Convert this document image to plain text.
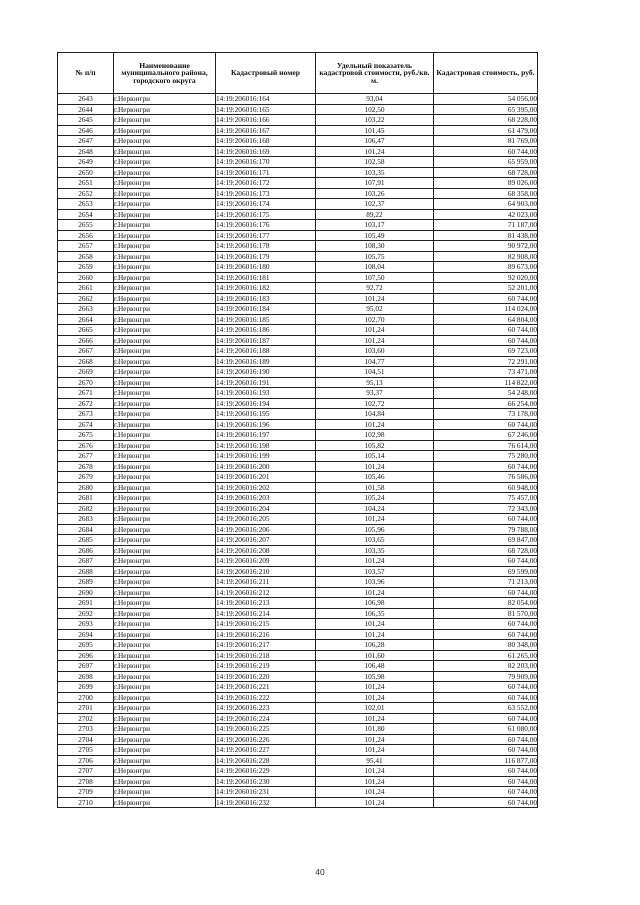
№ п/п	Наименование муниципального района, городского округа	Кадастровый номер	Удельный показатель кадастровой стоимости, руб./кв. м.	Кадастровая стоимость, руб.
2643	г.Нерюнгри	14:19:206016:164	93,04	54 056,00
2644	г.Нерюнгри	14:19:206016:165	102,50	65 395,00
2645	г.Нерюнгри	14:19:206016:166	103,22	68 228,00
2646	г.Нерюнгри	14:19:206016:167	101,45	61 479,00
2647	г.Нерюнгри	14:19:206016:168	106,47	81 769,00
2648	г.Нерюнгри	14:19:206016:169	101,24	60 744,00
2649	г.Нерюнгри	14:19:206016:170	102,58	65 959,00
2650	г.Нерюнгри	14:19:206016:171	103,35	68 728,00
2651	г.Нерюнгри	14:19:206016:172	107,91	89 026,00
2652	г.Нерюнгри	14:19:206016:173	103,26	68 358,00
2653	г.Нерюнгри	14:19:206016:174	102,37	64 903,00
2654	г.Нерюнгри	14:19:206016:175	89,22	42 023,00
2655	г.Нерюнгри	14:19:206016:176	103,17	71 187,00
2656	г.Нерюнгри	14:19:206016:177	105,49	81 438,00
2657	г.Нерюнгри	14:19:206016:178	108,30	90 972,00
2658	г.Нерюнгри	14:19:206016:179	105,75	82 908,00
2659	г.Нерюнгри	14:19:206016:180	108,04	89 673,00
2660	г.Нерюнгри	14:19:206016:181	107,50	92 020,00
2661	г.Нерюнгри	14:19:206016:182	92,72	52 201,00
2662	г.Нерюнгри	14:19:206016:183	101,24	60 744,00
2663	г.Нерюнгри	14:19:206016:184	95,02	114 024,00
2664	г.Нерюнгри	14:19:206016:185	102,70	64 804,00
2665	г.Нерюнгри	14:19:206016:186	101,24	60 744,00
2666	г.Нерюнгри	14:19:206016:187	101,24	60 744,00
2667	г.Нерюнгри	14:19:206016:188	103,60	69 723,00
2668	г.Нерюнгри	14:19:206016:189	104,77	72 291,00
2669	г.Нерюнгри	14:19:206016:190	104,51	73 471,00
2670	г.Нерюнгри	14:19:206016:191	95,13	114 822,00
2671	г.Нерюнгри	14:19:206016:193	93,37	54 248,00
2672	г.Нерюнгри	14:19:206016:194	102,72	66 254,00
2673	г.Нерюнгри	14:19:206016:195	104,84	73 178,00
2674	г.Нерюнгри	14:19:206016:196	101,24	60 744,00
2675	г.Нерюнгри	14:19:206016:197	102,98	67 246,00
2676	г.Нерюнгри	14:19:206016:198	105,82	76 614,00
2677	г.Нерюнгри	14:19:206016:199	105,14	75 280,00
2678	г.Нерюнгри	14:19:206016:200	101,24	60 744,00
2679	г.Нерюнгри	14:19:206016:201	105,46	76 586,00
2680	г.Нерюнгри	14:19:206016:202	101,58	60 948,00
2681	г.Нерюнгри	14:19:206016:203	105,24	75 457,00
2682	г.Нерюнгри	14:19:206016:204	104,24	72 343,00
2683	г.Нерюнгри	14:19:206016:205	101,24	60 744,00
2684	г.Нерюнгри	14:19:206016:206	105,96	79 788,00
2685	г.Нерюнгри	14:19:206016:207	103,65	69 847,00
2686	г.Нерюнгри	14:19:206016:208	103,35	68 728,00
2687	г.Нерюнгри	14:19:206016:209	101,24	60 744,00
2688	г.Нерюнгри	14:19:206016:210	103,57	69 599,00
2689	г.Нерюнгри	14:19:206016:211	103,96	71 213,00
2690	г.Нерюнгри	14:19:206016:212	101,24	60 744,00
2691	г.Нерюнгри	14:19:206016:213	106,98	82 054,00
2692	г.Нерюнгри	14:19:206016:214	106,35	81 570,00
2693	г.Нерюнгри	14:19:206016:215	101,24	60 744,00
2694	г.Нерюнгри	14:19:206016:216	101,24	60 744,00
2695	г.Нерюнгри	14:19:206016:217	106,28	80 348,00
2696	г.Нерюнгри	14:19:206016:218	101,60	61 265,00
2697	г.Нерюнгри	14:19:206016:219	106,48	82 203,00
2698	г.Нерюнгри	14:19:206016:220	105,98	79 909,00
2699	г.Нерюнгри	14:19:206016:221	101,24	60 744,00
2700	г.Нерюнгри	14:19:206016:222	101,24	60 744,00
2701	г.Нерюнгри	14:19:206016:223	102,01	63 552,00
2702	г.Нерюнгри	14:19:206016:224	101,24	60 744,00
2703	г.Нерюнгри	14:19:206016:225	101,80	61 080,00
2704	г.Нерюнгри	14:19:206016:226	101,24	60 744,00
2705	г.Нерюнгри	14:19:206016:227	101,24	60 744,00
2706	г.Нерюнгри	14:19:206016:228	95,41	116 877,00
2707	г.Нерюнгри	14:19:206016:229	101,24	60 744,00
2708	г.Нерюнгри	14:19:206016:230	101,24	60 744,00
2709	г.Нерюнгри	14:19:206016:231	101,24	60 744,00
2710	г.Нерюнгри	14:19:206016:232	101,24	60 744,00
40
